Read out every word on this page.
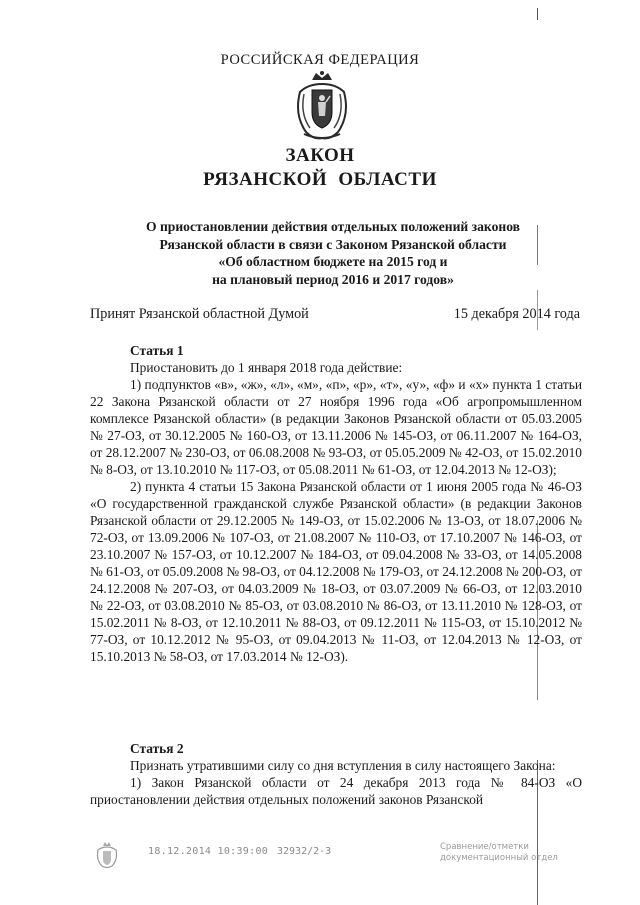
РОССИЙСКАЯ ФЕДЕРАЦИЯ
ЗАКОН
РЯЗАНСКОЙ ОБЛАСТИ
О приостановлении действия отдельных положений законов
Рязанской области в связи с Законом Рязанской области
«Об областном бюджете на 2015 год и
на плановый период 2016 и 2017 годов»
Принят Рязанской областной Думой	15 декабря 2014 года

Статья 1

Приостановить до 1 января 2018 года действие:

1) подпунктов «в», «ж», «л», «м», «п», «р», «т», «у», «ф» и «х» пункта 1 статьи 22 Закона Рязанской области от 27 ноября 1996 года «Об агропромышленном комплексе Рязанской области» (в редакции Законов Рязанской области от 05.03.2005 № 27-ОЗ, от 30.12.2005 № 160-ОЗ, от 13.11.2006 № 145-ОЗ, от 06.11.2007 № 164-ОЗ, от 28.12.2007 № 230-ОЗ, от 06.08.2008 № 93-ОЗ, от 05.05.2009 № 42-ОЗ, от 15.02.2010 № 8-ОЗ, от 13.10.2010 № 117-ОЗ, от 05.08.2011 № 61-ОЗ, от 12.04.2013 № 12-ОЗ);

2) пункта 4 статьи 15 Закона Рязанской области от 1 июня 2005 года № 46-ОЗ «О государственной гражданской службе Рязанской области» (в редакции Законов Рязанской области от 29.12.2005 № 149-ОЗ, от 15.02.2006 № 13-ОЗ, от 18.07.2006 № 72-ОЗ, от 13.09.2006 № 107-ОЗ, от 21.08.2007 № 110-ОЗ, от 17.10.2007 № 146-ОЗ, от 23.10.2007 № 157-ОЗ, от 10.12.2007 № 184-ОЗ, от 09.04.2008 № 33-ОЗ, от 14.05.2008 № 61-ОЗ, от 05.09.2008 № 98-ОЗ, от 04.12.2008 № 179-ОЗ, от 24.12.2008 № 200-ОЗ, от 24.12.2008 № 207-ОЗ, от 04.03.2009 № 18-ОЗ, от 03.07.2009 № 66-ОЗ, от 12.03.2010 № 22-ОЗ, от 03.08.2010 № 85-ОЗ, от 03.08.2010 № 86-ОЗ, от 13.11.2010 № 128-ОЗ, от 15.02.2011 № 8-ОЗ, от 12.10.2011 № 88-ОЗ, от 09.12.2011 № 115-ОЗ, от 15.10.2012 № 77-ОЗ, от 10.12.2012 № 95-ОЗ, от 09.04.2013 № 11-ОЗ, от 12.04.2013 № 12-ОЗ, от 15.10.2013 № 58-ОЗ, от 17.03.2014 № 12-ОЗ).

Статья 2

Признать утратившими силу со дня вступления в силу настоящего Закона:

1) Закон Рязанской области от 24 декабря 2013 года № 84-ОЗ «О приостановлении действия отдельных положений законов Рязанской

18.12.2014 10:39:00 32932/2-3	Сравнение/отметки
документационный отдел
